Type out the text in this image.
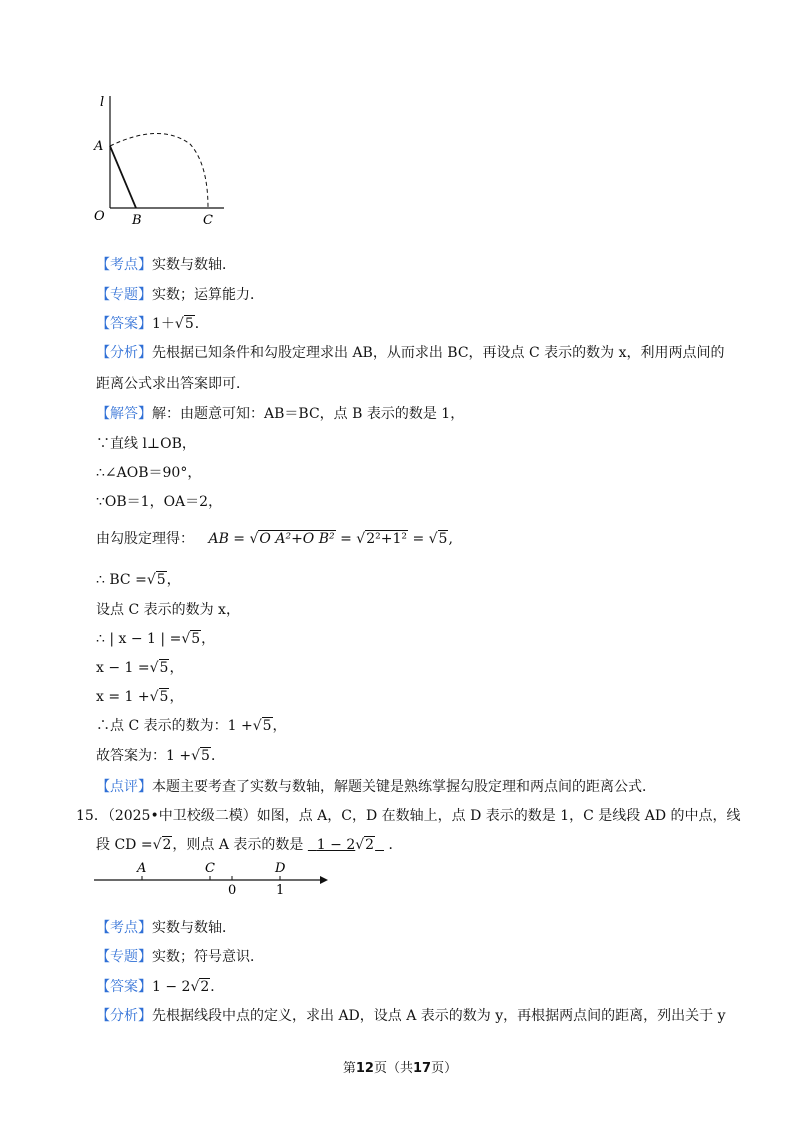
l
A
O B	C
【考点】实数与数轴．
【专题】实数；运算能力．
【答案】1＋√5．
【分析】先根据已知条件和勾股定理求出 AB，从而求出 BC，再设点 C 表示的数为 x，利用两点间的
距离公式求出答案即可．
【解答】解：由题意可知：AB＝BC，点 B 表示的数是 1，
∵直线 l⊥OB，
∴∠AOB＝90°，
∵OB＝1，OA＝2，
由勾股定理得： AB = √O A²+O B² = √2²+1² = √5,
∴ BC =√5，
设点 C 表示的数为 x，
∴ | x − 1 | =√5，
x − 1 =√5，
x = 1 +√5，
∴点 C 表示的数为：1 +√5，
故答案为：1 +√5．
【点评】本题主要考查了实数与数轴，解题关键是熟练掌握勾股定理和两点间的距离公式．
15．（2025•中卫校级二模）如图，点 A，C，D 在数轴上，点 D 表示的数是 1，C 是线段 AD 的中点，线
段 CD =√2，则点 A 表示的数是 1 − 2√2 ．
A	C	D
0	1
【考点】实数与数轴．
【专题】实数；符号意识．
【答案】1 − 2√2．
【分析】先根据线段中点的定义，求出 AD，设点 A 表示的数为 y，再根据两点间的距离，列出关于 y
第12页（共17页）
